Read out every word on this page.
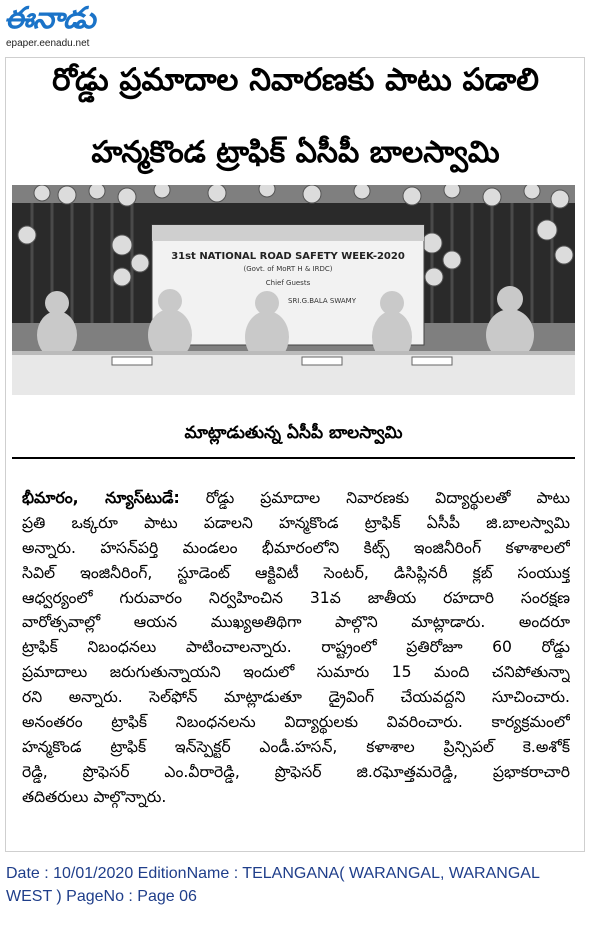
ఈనాడు
epaper.eenadu.net
రోడ్డు ప్రమాదాల నివారణకు పాటు పడాలి
హన్మకొండ ట్రాఫిక్ ఏసీపీ బాలస్వామి
31st NATIONAL ROAD SAFETY WEEK-2020
(Govt. of MoRT H & IRDC)
Chief Guests
SRI.G.BALA SWAMY
మాట్లాడుతున్న ఏసీపీ బాలస్వామి
భీమారం, న్యూస్‌టుడే: రోడ్డు ప్రమాదాల నివారణకు విద్యార్థులతో పాటు
ప్రతి ఒక్కరూ పాటు పడాలని హన్మకొండ ట్రాఫిక్ ఏసీపీ జి.బాలస్వామి
అన్నారు. హసన్‌పర్తి మండలం భీమారంలోని కిట్స్ ఇంజినీరింగ్ కళాశాలలో
సివిల్ ఇంజినీరింగ్, స్టూడెంట్ ఆక్టివిటీ సెంటర్, డిసిప్లినరీ క్లబ్ సంయుక్త
ఆధ్వర్యంలో గురువారం నిర్వహించిన 31వ జాతీయ రహదారి సంరక్షణ
వారోత్సవాల్లో ఆయన ముఖ్యఅతిథిగా పాల్గొని మాట్లాడారు. అందరూ
ట్రాఫిక్ నిబంధనలు పాటించాలన్నారు. రాష్ట్రంలో ప్రతిరోజూ 60 రోడ్డు
ప్రమాదాలు జరుగుతున్నాయని ఇందులో సుమారు 15 మంది చనిపోతున్నా
రని అన్నారు. సెల్‌ఫోన్ మాట్లాడుతూ డ్రైవింగ్ చేయవద్దని సూచించారు.
అనంతరం ట్రాఫిక్ నిబంధనలను విద్యార్థులకు వివరించారు. కార్యక్రమంలో
హన్మకొండ ట్రాఫిక్ ఇన్‌స్పెక్టర్ ఎండీ.హసన్, కళాశాల ప్రిన్సిపల్ కె.అశోక్
రెడ్డి, ప్రొఫెసర్ ఎం.వీరారెడ్డి, ప్రొఫెసర్ జి.రఘోత్తమరెడ్డి, ప్రభాకరాచారి
తదితరులు పాల్గొన్నారు.
Date : 10/01/2020 EditionName : TELANGANA( WARANGAL, WARANGAL
WEST ) PageNo : Page 06
